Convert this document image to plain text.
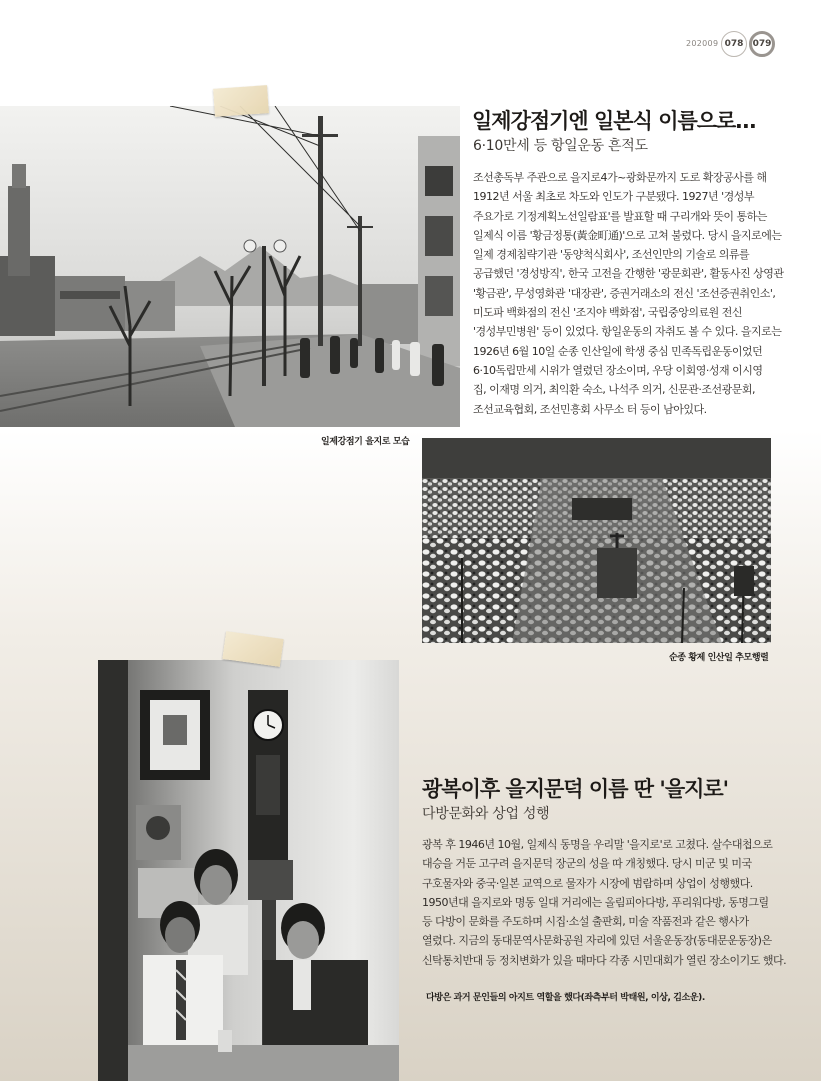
202009 078	079
일제강점기엔 일본식 이름으로…
6·10만세 등 항일운동 흔적도
조선총독부 주관으로 을지로4가~광화문까지 도로 확장공사를 해
1912년 서울 최초로 차도와 인도가 구분됐다. 1927년 '경성부
주요가로 기정계획노선일람표'를 발표할 때 구리개와 뜻이 통하는
일제식 이름 '황금정통(黃金町通)'으로 고쳐 불렸다. 당시 을지로에는
일제 경제침략기관 '동양척식회사', 조선인만의 기술로 의류를
공급했던 '경성방직', 한국 고전을 간행한 '광문회관', 활동사진 상영관
'황금관', 무성영화관 '대장관', 증권거래소의 전신 '조선증권취인소',
미도파 백화점의 전신 '조지야 백화점', 국립중앙의료원 전신
'경성부민병원' 등이 있었다. 항일운동의 자취도 볼 수 있다. 을지로는
1926년 6월 10일 순종 인산일에 학생 중심 민족독립운동이었던
6·10독립만세 시위가 열렸던 장소이며, 우당 이회영·성재 이시영
집, 이재명 의거, 최익환 숙소, 나석주 의거, 신문관·조선광문회,
조선교육협회, 조선민흥회 사무소 터 등이 남아있다.
일제강점기 을지로 모습
순종 황제 인산일 추모행렬
광복이후 을지문덕 이름 딴 '을지로'
다방문화와 상업 성행
광복 후 1946년 10월, 일제식 동명을 우리말 '을지로'로 고쳤다. 살수대첩으로
대승을 거둔 고구려 을지문덕 장군의 성을 따 개칭했다. 당시 미군 및 미국
구호물자와 중국·일본 교역으로 물자가 시장에 범람하며 상업이 성행했다.
1950년대 을지로와 명동 일대 거리에는 올림피아다방, 푸리워다방, 동명그릴
등 다방이 문화를 주도하며 시집·소설 출판회, 미술 작품전과 같은 행사가
열렸다. 지금의 동대문역사문화공원 자리에 있던 서울운동장(동대문운동장)은
신탁통치반대 등 정치변화가 있을 때마다 각종 시민대회가 열린 장소이기도 했다.
다방은 과거 문인들의 아지트 역할을 했다(좌측부터 박태원, 이상, 김소운).
